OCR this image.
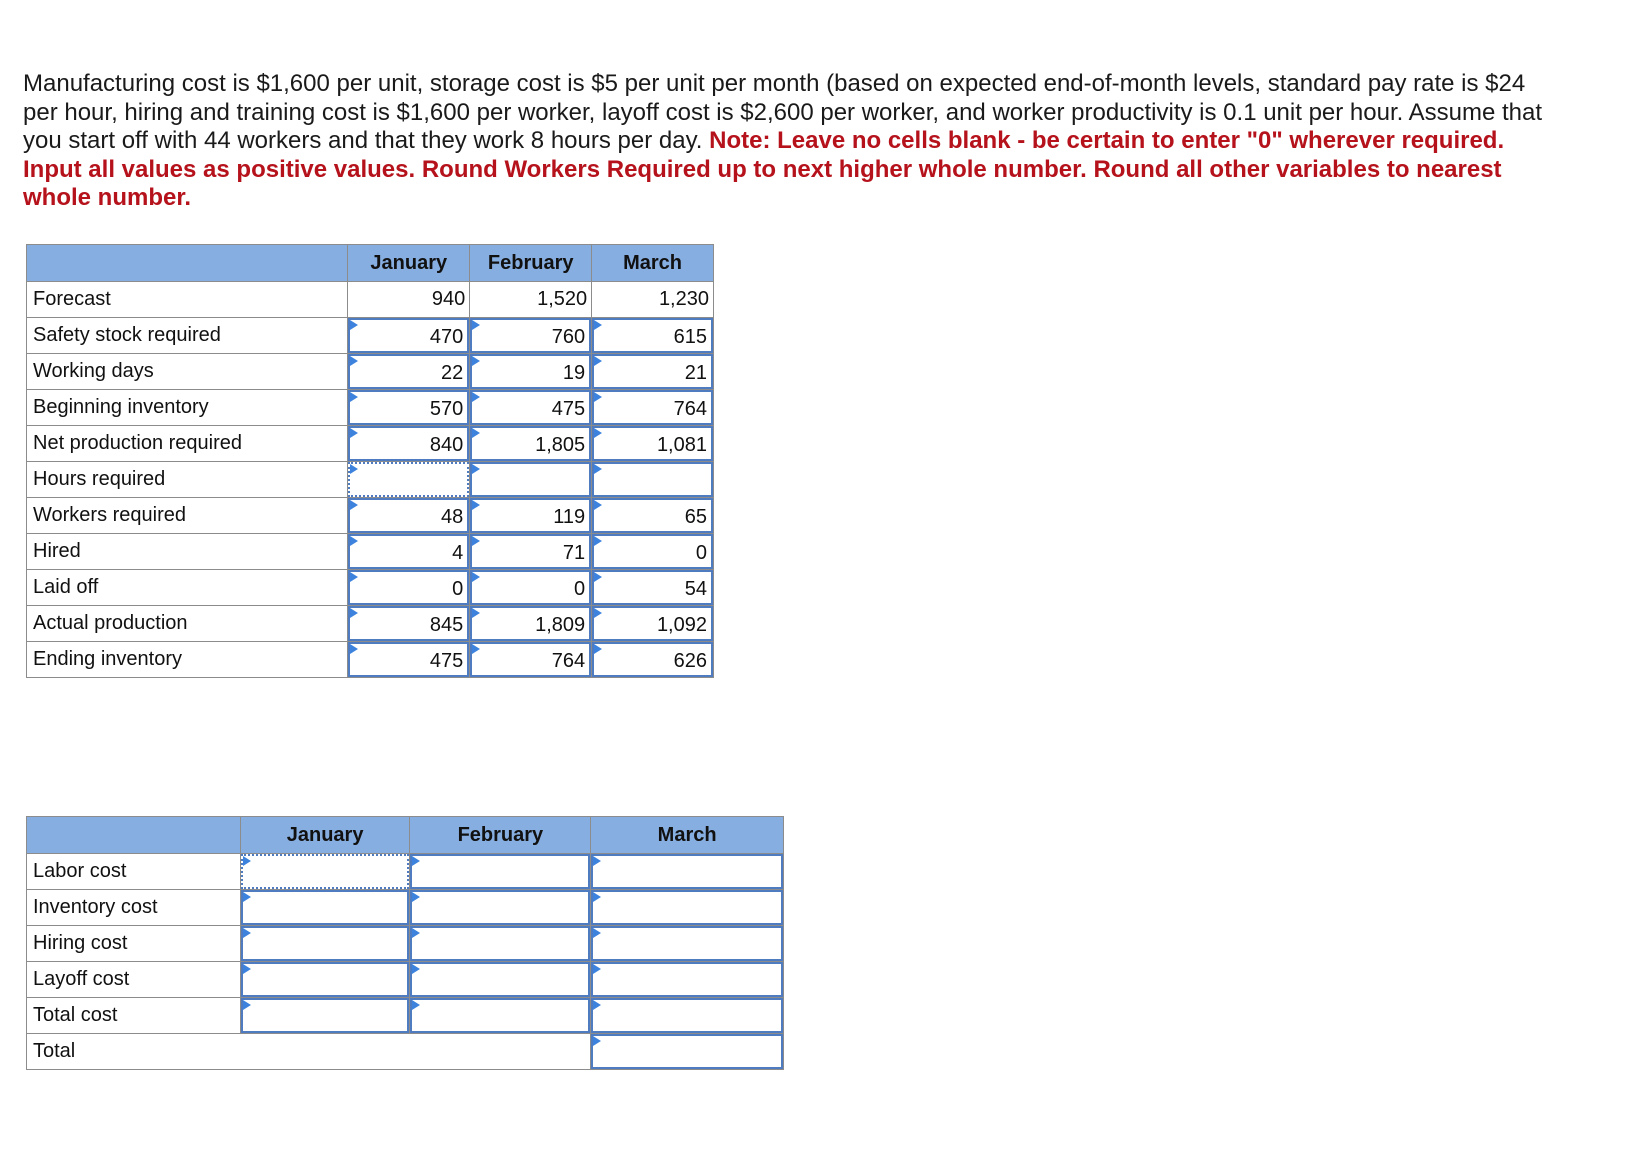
Manufacturing cost is $1,600 per unit, storage cost is $5 per unit per month (based on expected end-of-month levels, standard pay rate is $24 per hour, hiring and training cost is $1,600 per worker, layoff cost is $2,600 per worker, and worker productivity is 0.1 unit per hour. Assume that you start off with 44 workers and that they work 8 hours per day. Note: Leave no cells blank - be certain to enter "0" wherever required. Input all values as positive values. Round Workers Required up to next higher whole number. Round all other variables to nearest whole number.
	January	February	March
Forecast	940	1,520	1,230
Safety stock required	470	760	615

Working days	22	19	21

Beginning inventory	570	475	764

Net production required	840	1,805	1,081

Hours required	

Workers required	48	119	65

Hired	4	71	0

Laid off	0	0	54

Actual production	845	1,809	1,092

Ending inventory	475	764	626
	January	February	March
Labor cost	

Inventory cost	

Hiring cost	

Layoff cost	

Total cost	

Total			
